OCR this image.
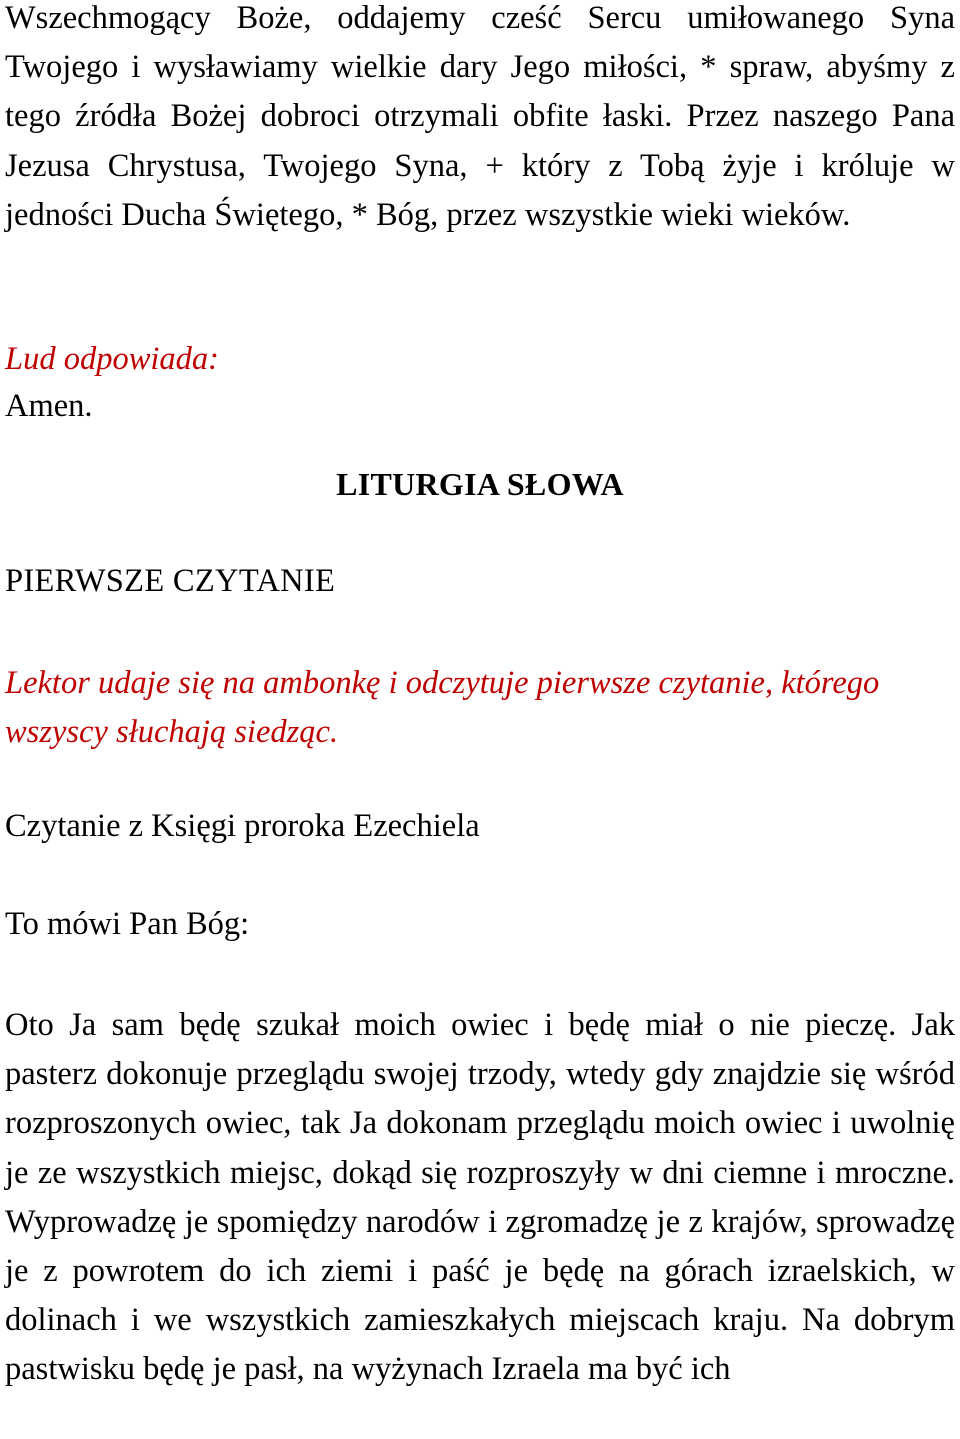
Wszechmogący Boże, oddajemy cześć Sercu umiłowanego Syna Twojego i wysławiamy wielkie dary Jego miłości, * spraw, abyśmy z tego źródła Bożej dobroci otrzymali obfite łaski. Przez naszego Pana Jezusa Chrystusa, Twojego Syna, + który z Tobą żyje i króluje w jedności Ducha Świętego, * Bóg, przez wszystkie wieki wieków.

Lud odpowiada:

Amen.

LITURGIA SŁOWA

PIERWSZE CZYTANIE

Lektor udaje się na ambonkę i odczytuje pierwsze czytanie, którego wszyscy słuchają siedząc.

Czytanie z Księgi proroka Ezechiela

To mówi Pan Bóg:

Oto Ja sam będę szukał moich owiec i będę miał o nie pieczę. Jak pasterz dokonuje przeglądu swojej trzody, wtedy gdy znajdzie się wśród rozproszonych owiec, tak Ja dokonam przeglądu moich owiec i uwolnię je ze wszystkich miejsc, dokąd się rozproszyły w dni ciemne i mroczne. Wyprowadzę je spomiędzy narodów i zgromadzę je z krajów, sprowadzę je z powrotem do ich ziemi i paść je będę na górach izraelskich, w dolinach i we wszystkich zamieszkałych miejscach kraju. Na dobrym pastwisku będę je pasł, na wyżynach Izraela ma być ich
